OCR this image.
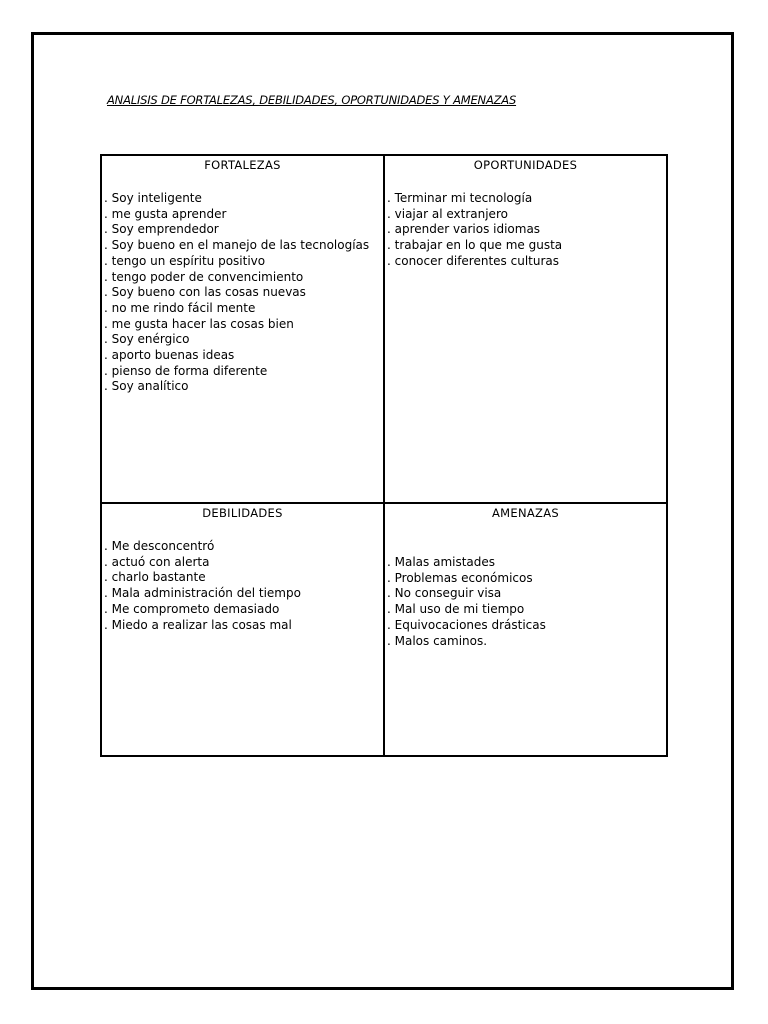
ANALISIS DE FORTALEZAS, DEBILIDADES, OPORTUNIDADES Y AMENAZAS
FORTALEZAS
. Soy inteligente
. me gusta aprender
. Soy emprendedor
. Soy bueno en el manejo de las tecnologías
. tengo un espíritu positivo
. tengo poder de convencimiento
. Soy bueno con las cosas nuevas
. no me rindo fácil mente
. me gusta hacer las cosas bien
. Soy enérgico
. aporto buenas ideas
. pienso de forma diferente
. Soy analítico
OPORTUNIDADES
. Terminar mi tecnología
. viajar al extranjero
. aprender varios idiomas
. trabajar en lo que me gusta
. conocer diferentes culturas
DEBILIDADES
. Me desconcentró
. actuó con alerta
. charlo bastante
. Mala administración del tiempo
. Me comprometo demasiado
. Miedo a realizar las cosas mal
AMENAZAS
. Malas amistades
. Problemas económicos
. No conseguir visa
. Mal uso de mi tiempo
. Equivocaciones drásticas
. Malos caminos.
